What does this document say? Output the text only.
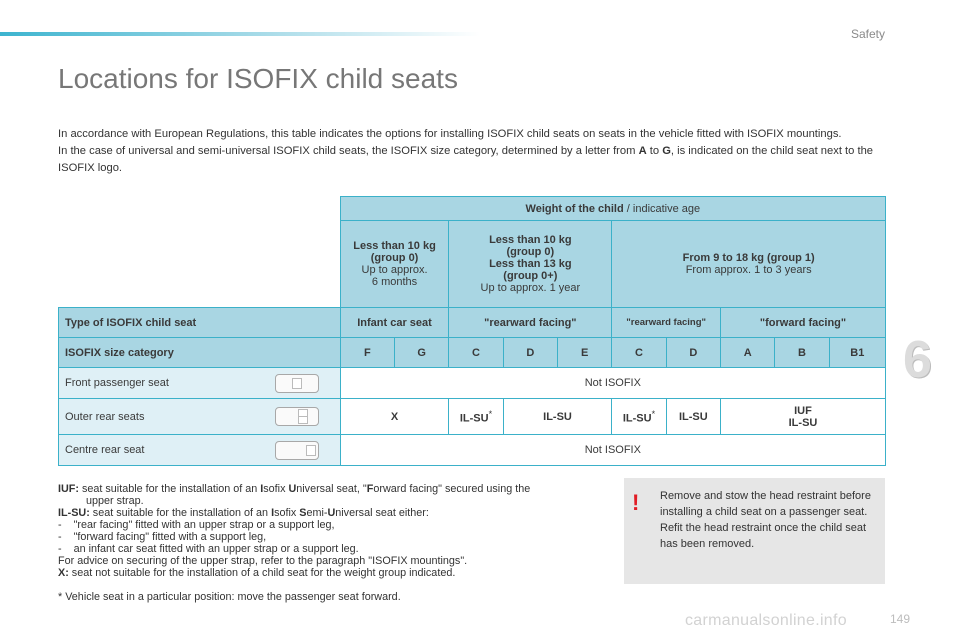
Safety
Locations for ISOFIX child seats

In accordance with European Regulations, this table indicates the options for installing ISOFIX child seats on seats in the vehicle fitted with ISOFIX mountings.

In the case of universal and semi-universal ISOFIX child seats, the ISOFIX size category, determined by a letter from A to G, is indicated on the child seat next to the ISOFIX logo.

6
	Weight of the child / indicative age									
	Less than 10 kg
(group 0)
Up to approx.
6 months		Less than 10 kg
(group 0)
Less than 13 kg
(group 0+)
Up to approx. 1 year			From 9 to 18 kg (group 1)
From approx. 1 to 3 years				
Type of ISOFIX child seat	Infant car seat		"rearward facing"			"rearward facing"		"forward facing"		
ISOFIX size category	F	G	C	D	E	C	D	A	B	B1

Front passenger seat	Not ISOFIX									

Outer rear seats	X		IL-SU*	IL-SU		IL-SU*	IL-SU	IUF
IL-SU		

Centre rear seat	Not ISOFIX									
IUF: seat suitable for the installation of an Isofix Universal seat, "Forward facing" secured using the
upper strap.
IL-SU: seat suitable for the installation of an Isofix Semi-Universal seat either:
-    "rear facing" fitted with an upper strap or a support leg,
-    "forward facing" fitted with a support leg,
-    an infant car seat fitted with an upper strap or a support leg.
For advice on securing of the upper strap, refer to the paragraph "ISOFIX mountings".
X: seat not suitable for the installation of a child seat for the weight group indicated.
* Vehicle seat in a particular position: move the passenger seat forward.
! Remove and stow the head restraint before installing a child seat on a passenger seat.

Refit the head restraint once the child seat has been removed.

carmanualsonline.info	149
